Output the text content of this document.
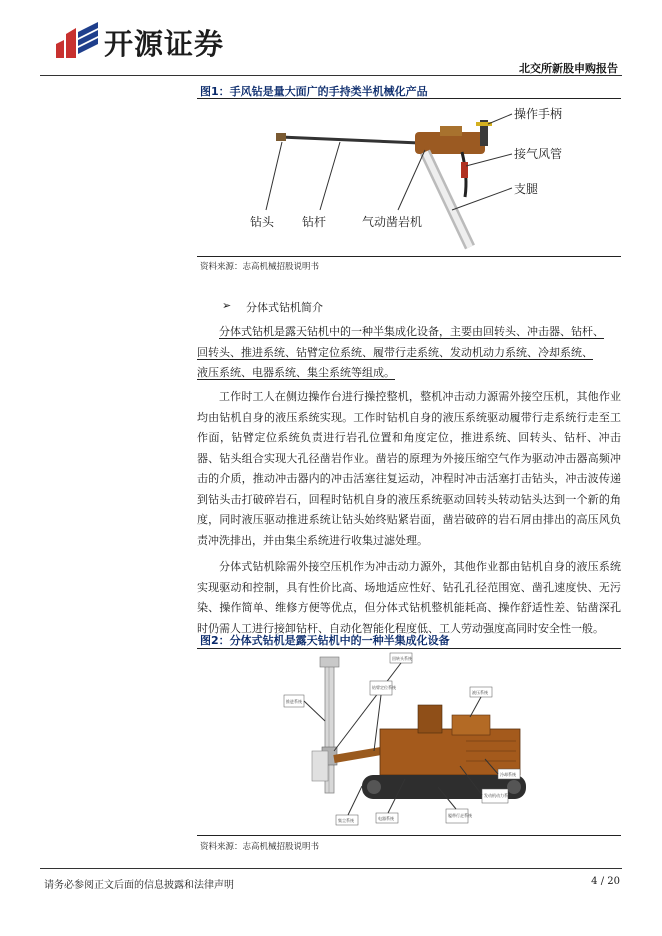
开源证券
北交所新股申购报告
图1：手风钻是量大面广的手持类半机械化产品
操作手柄
接气风管
支腿
钻头 钻杆	气动凿岩机
资料来源：志高机械招股说明书
➢ 分体式钻机简介
分体式钻机是露天钻机中的一种半集成化设备，主要由回转头、冲击器、钻杆、
回转头、推进系统、钻臂定位系统、履带行走系统、发动机动力系统、冷却系统、
液压系统、电器系统、集尘系统等组成。

工作时工人在侧边操作台进行操控整机，整机冲击动力源需外接空压机，其他作业均由钻机自身的液压系统实现。工作时钻机自身的液压系统驱动履带行走系统行走至工作面，钻臂定位系统负责进行岩孔位置和角度定位，推进系统、回转头、钻杆、冲击器、钻头组合实现大孔径凿岩作业。凿岩的原理为外接压缩空气作为驱动冲击器高频冲击的介质，推动冲击器内的冲击活塞往复运动，冲程时冲击活塞打击钻头，冲击波传递到钻头击打破碎岩石，回程时钻机自身的液压系统驱动回转头转动钻头达到一个新的角度，同时液压驱动推进系统让钻头始终贴紧岩面，凿岩破碎的岩石屑由排出的高压风负责冲洗排出，并由集尘系统进行收集过滤处理。

分体式钻机除需外接空压机作为冲击动力源外，其他作业都由钻机自身的液压系统实现驱动和控制，具有性价比高、场地适应性好、钻孔孔径范围宽、凿孔速度快、无污染、操作简单、维修方便等优点，但分体式钻机整机能耗高、操作舒适性差、钻凿深孔时仍需人工进行接卸钻杆、自动化智能化程度低、工人劳动强度高同时安全性一般。

图2：分体式钻机是露天钻机中的一种半集成化设备
回转头系统
推进系统
钻臂定位系统
液压系统
冷却系统
发动机动力系统
履带行走系统
电器系统
集尘系统
资料来源：志高机械招股说明书
请务必参阅正文后面的信息披露和法律声明	4 / 20
